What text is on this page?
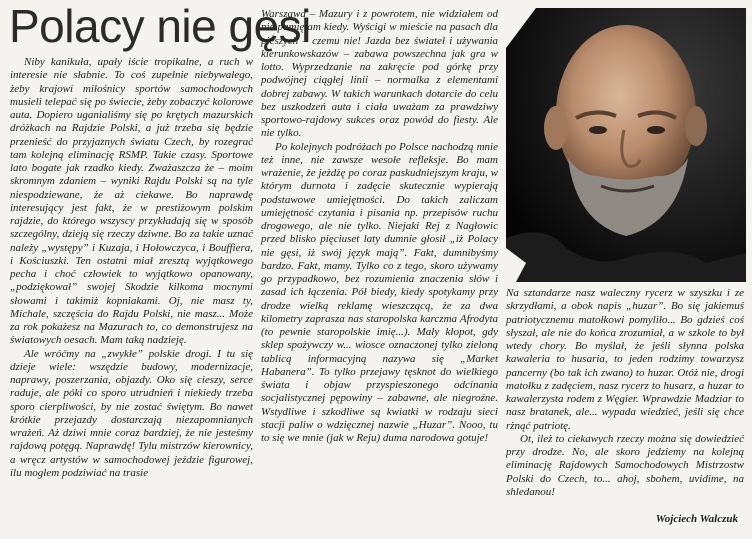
Polacy nie gęsi

Niby kanikuła, upały iście tropikalne, a ruch w interesie nie słabnie. To coś zupełnie niebywałego, żeby krajowi miłośnicy sportów samochodowych musieli telepać się po świecie, żeby zobaczyć kolorowe auta. Dopiero uganialiśmy się po krętych mazurskich dróżkach na Rajdzie Polski, a już trzeba się będzie przenieść do przyjaznych światu Czech, by rozegrać tam kolejną eliminację RSMP. Takie czasy. Sportowe lato bogate jak rzadko kiedy. Zważaszcza że – moim skromnym zdaniem – wyniki Rajdu Polski są na tyle niespodziewane, że aż ciekawe. Bo naprawdę interesujący jest fakt, że w prestiżowym polskim rajdzie, do którego wszyscy przykładają się w sposób szczególny, dzieją się rzeczy dziwne. Bo za takie uznać należy „występy” i Kuzaja, i Hołowczyca, i Bouffiera, i Kościuszki. Ten ostatni miał zresztą wyjątkowego pecha i choć człowiek to wyjątkowo opanowany, „podziękował” swojej Skodzie kilkoma mocnymi słowami i takimiż kopniakami. Oj, nie masz ty, Michale, szczęścia do Rajdu Polski, nie masz... Może za rok pokażesz na Mazurach to, co demonstrujesz na światowych oesach. Mam taką nadzieję.

Ale wróćmy na „zwykłe” polskie drogi. I tu się dzieje wiele: wszędzie budowy, modernizacje, naprawy, poszerzania, objazdy. Oko się cieszy, serce raduje, ale póki co sporo utrudnień i niekiedy trzeba sporo cierpliwości, by nie zostać świętym. Bo nawet krótkie przejazdy dostarczają niezapomnianych wrażeń. Aż dziwi mnie coraz bardziej, że nie jesteśmy rajdową potęgą. Naprawdę! Tylu mistrzów kierownicy, a wręcz artystów w samochodowej jeździe figurowej, ilu mogłem podziwiać na trasie

Warszawa – Mazury i z powrotem, nie widziałem od nie pamiętam kiedy. Wyścigi w mieście na pasach dla pieszych – czemu nie! Jazda bez świateł i używania kierunkowskazów – zabawa powszechna jak gra w lotto. Wyprzedzanie na zakręcie pod górkę przy podwójnej ciągłej linii – normalka z elementami dobrej zabawy. W takich warunkach dotarcie do celu bez uszkodzeń auta i ciała uważam za prawdziwy sportowo-rajdowy sukces oraz powód do fiesty. Ale nie tylko.

Po kolejnych podróżach po Polsce nachodzą mnie też inne, nie zawsze wesołe refleksje. Bo mam wrażenie, że jeżdżę po coraz paskudniejszym kraju, w którym durnota i zadęcie skutecznie wypierają podstawowe umiejętności. Do takich zaliczam umiejętność czytania i pisania np. przepisów ruchu drogowego, ale nie tylko. Niejaki Rej z Nagłowic przed blisko pięciuset laty dumnie głosił „iż Polacy nie gęsi, iż swój język mają”. Fakt, dumnibyśmy bardzo. Fakt, mamy. Tylko co z tego, skoro używamy go przypadkowo, bez rozumienia znaczenia słów i zasad ich łączenia. Pół biedy, kiedy spotykamy przy drodze wielką reklamę wieszczącą, że za dwa kilometry zaprasza nas staropolska karczma Afrodyta (to pewnie staropolskie imię...). Mały kłopot, gdy sklep spożywczy w... wiosce oznaczonej tylko zieloną tablicą informacyjną nazywa się „Market Habanera”. To tylko przejawy tęsknot do wielkiego świata i objaw przyspieszonego odcinania socjalistycznej pępowiny – zabawne, ale niegroźne. Wstydliwe i szkodliwe są kwiatki w rodzaju sieci stacji paliw o wdzięcznej nazwie „Huzar”. Nooo, tu to się we mnie (jak w Reju) duma narodowa gotuje!

Na sztandarze nasz waleczny rycerz w szyszku i ze skrzydłami, a obok napis „huzar”. Bo się jakiemuś patriotycznemu matołkowi pomyliło... Bo gdzieś coś słyszał, ale nie do końca zrozumiał, a w szkole to był wtedy chory. Bo myślał, że jeśli słynna polska kawaleria to husaria, to jeden rodzimy towarzysz pancerny (bo tak ich zwano) to huzar. Otóż nie, drogi matołku z zadęciem, nasz rycerz to husarz, a huzar to kawalerzysta rodem z Węgier. Wprawdzie Madziar to nasz bratanek, ale... wypada wiedzieć, jeśli się chce rżnąć patriotę.

Ot, ileż to ciekawych rzeczy można się dowiedzieć przy drodze. No, ale skoro jedziemy na kolejną eliminację Rajdowych Samochodowych Mistrzostw Polski do Czech, to... ahoj, sbohem, uvidime, na shledanou!

Wojciech Walczuk
